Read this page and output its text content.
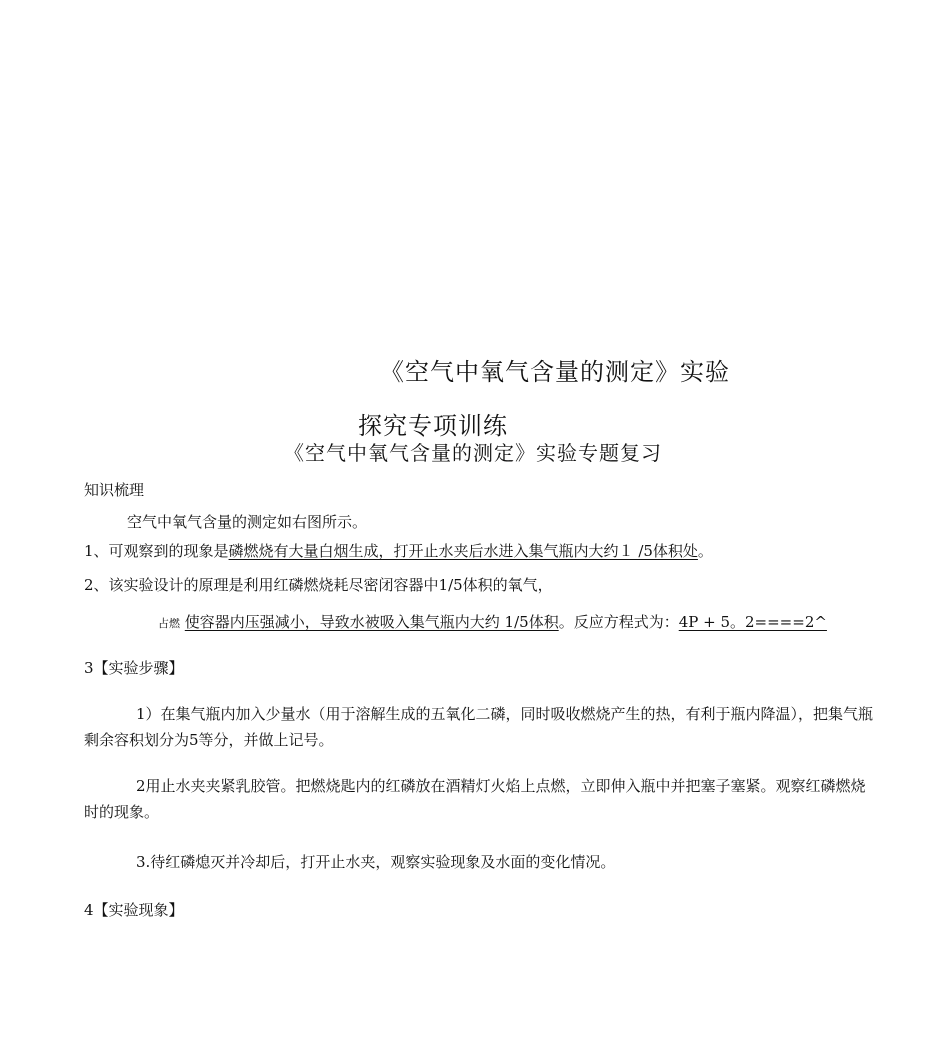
《空气中氧气含量的测定》实验
探究专项训练
《空气中氧气含量的测定》实验专题复习
知识梳理
空气中氧气含量的测定如右图所示。
1、可观察到的现象是磷燃烧有大量白烟生成，打开止水夹后水进入集气瓶内大约１ /5体积处。
2、该实验设计的原理是利用红磷燃烧耗尽密闭容器中1/5体积的氧气，
占燃 使容器内压强减小，导致水被吸入集气瓶内大约 1/5体积。反应方程式为：4P + 5。2====2^
3【实验步骤】
1）在集气瓶内加入少量水（用于溶解生成的五氧化二磷，同时吸收燃烧产生的热，有利于瓶内降温），把集气瓶剩余容积划分为5等分，并做上记号。
2用止水夹夹紧乳胶管。把燃烧匙内的红磷放在酒精灯火焰上点燃，立即伸入瓶中并把塞子塞紧。观察红磷燃烧时的现象。
3.待红磷熄灭并冷却后，打开止水夹，观察实验现象及水面的变化情况。
4【实验现象】
